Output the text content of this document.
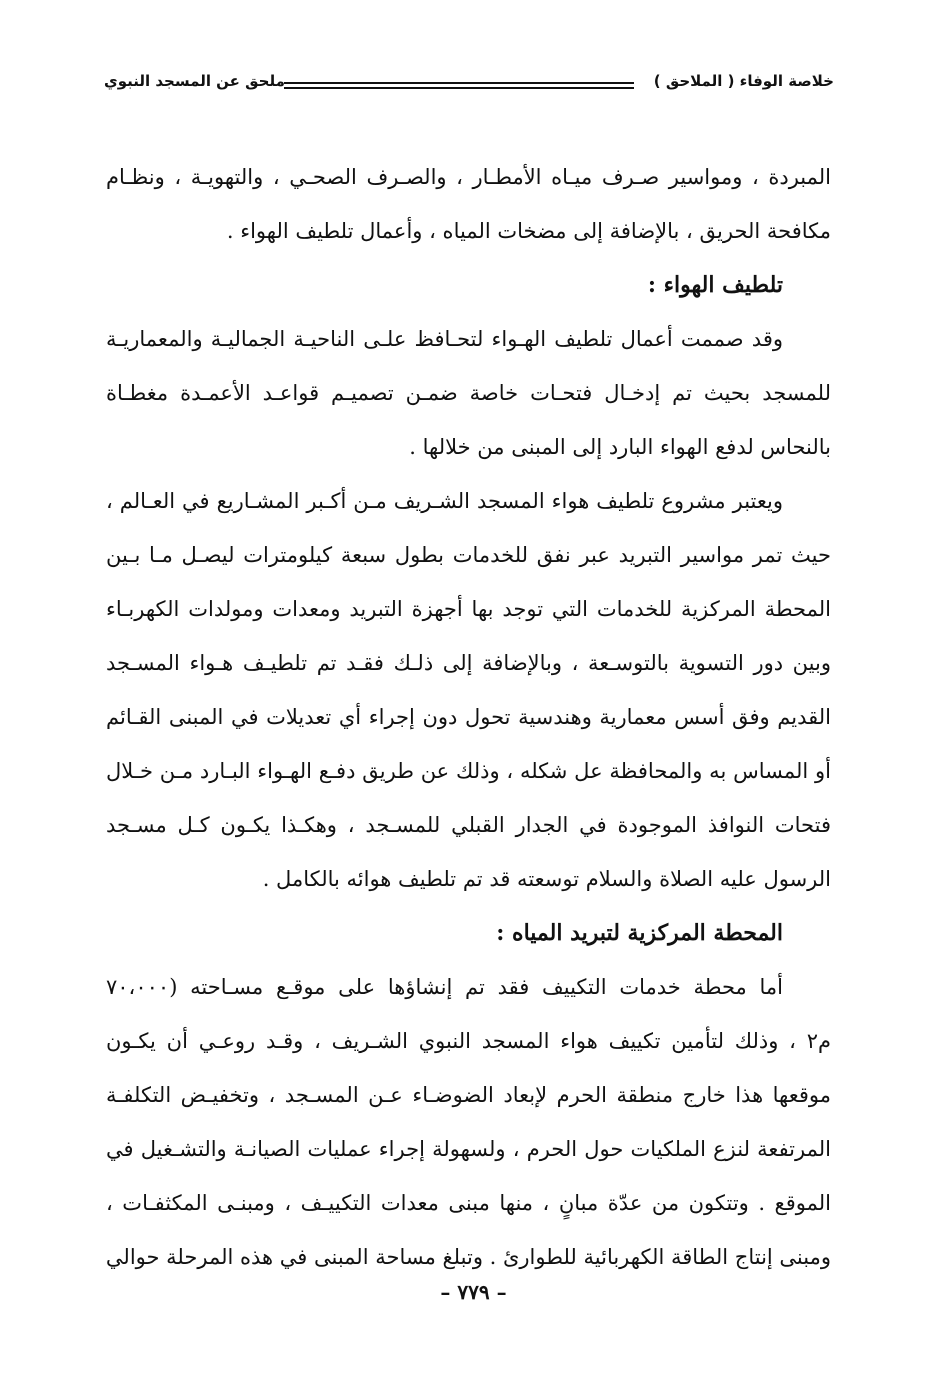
خلاصة الوفاء ( الملاحق )
ملحق عن المسجد النبوي
المبردة ، ومواسير صـرف ميـاه الأمطـار ، والصـرف الصحـي ، والتهويـة ، ونظـام
مكافحة الحريق ، بالإضافة إلى مضخات المياه ، وأعمال تلطيف الهواء .
تلطيف الهواء :
وقد صممت أعمال تلطيف الهـواء لتحـافظ علـى الناحيـة الجماليـة والمعماريـة
للمسجد بحيث تم إدخـال فتحـات خاصة ضمـن تصميـم قواعـد الأعمـدة مغطـاة
بالنحاس لدفع الهواء البارد إلى المبنى من خلالها .
ويعتبر مشروع تلطيف هواء المسجد الشـريف مـن أكـبر المشـاريع في العـالم ،
حيث تمر مواسير التبريد عبر نفق للخدمات بطول سبعة كيلومترات ليصـل مـا بـين
المحطة المركزية للخدمات التي توجد بها أجهزة التبريد ومعدات ومولدات الكهربـاء
وبين دور التسوية بالتوسـعة ، وبالإضافة إلى ذلـك فقـد تم تلطيـف هـواء المسـجد
القديم وفق أسس معمارية وهندسية تحول دون إجراء أي تعديلات في المبنى القـائم
أو المساس به والمحافظة عل شكله ، وذلك عن طريق دفـع الهـواء البـارد مـن خـلال
فتحات النوافذ الموجودة في الجدار القبلي للمسـجد ، وهكـذا يكـون كـل مسـجد
الرسول عليه الصلاة والسلام توسعته قد تم تلطيف هوائه بالكامل .
المحطة المركزية لتبريد المياه :
أما محطة خدمات التكييف فقد تم إنشاؤها على موقـع مسـاحته (٧٠،٠٠٠
م٢ ، وذلك لتأمين تكييف هواء المسجد النبوي الشـريف ، وقـد روعـي أن يكـون
موقعها هذا خارج منطقة الحرم لإبعاد الضوضـاء عـن المسـجد ، وتخفيـض التكلفـة
المرتفعة لنزع الملكيات حول الحرم ، ولسهولة إجراء عمليات الصيانـة والتشـغيل في
الموقع . وتتكون من عدّة مبانٍ ، منها مبنى معدات التكييـف ، ومبنـى المكثفـات ،
ومبنى إنتاج الطاقة الكهربائية للطوارئ . وتبلغ مساحة المبنى في هذه المرحلة حوالي
– ٧٧٩ –
